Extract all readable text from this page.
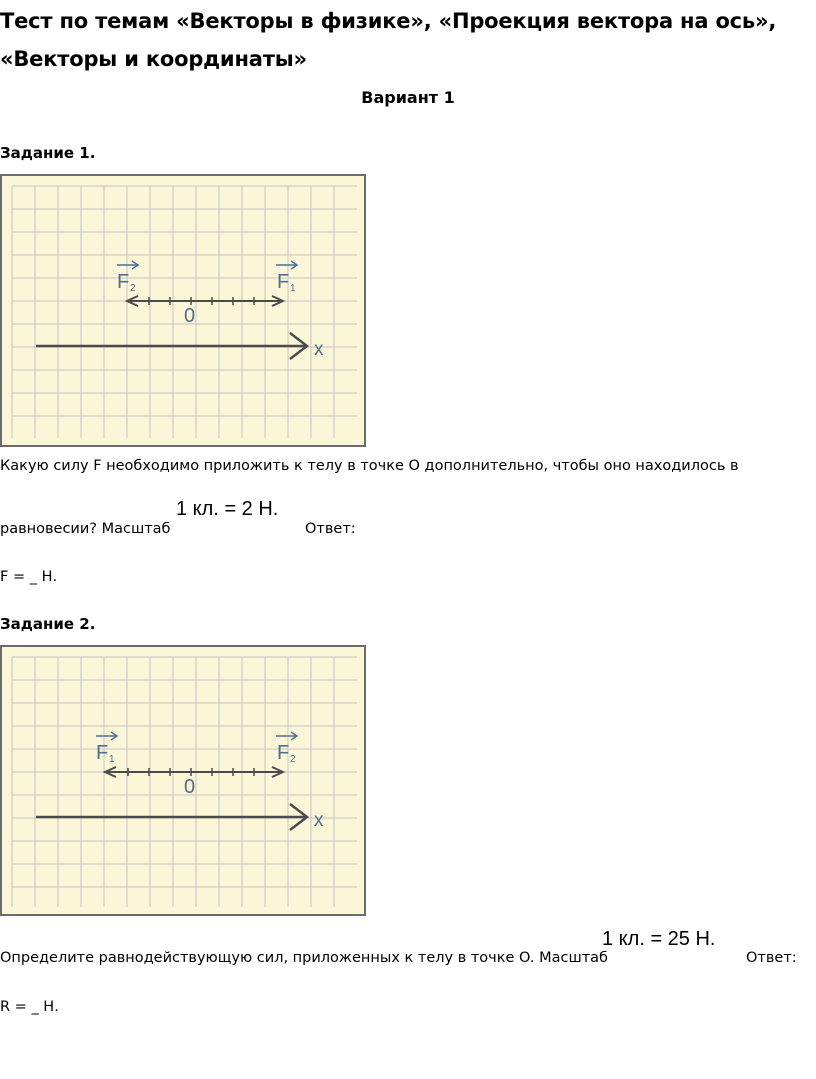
Тест по темам «Векторы в физике», «Проекция вектора на ось»,
«Векторы и координаты»
Вариант 1
Задание 1.
x
0
F 2	F 1
Какую силу F необходимо приложить к телу в точке O дополнительно, чтобы оно находилось в
равновесии? Масштаб
1 кл. = 2 Н.
Ответ:
F = _ Н.
Задание 2.
x
0
F 1	F 2
Определите равнодействующую сил, приложенных к телу в точке O. Масштаб
1 кл. = 25 Н.
Ответ:
R = _ Н.
